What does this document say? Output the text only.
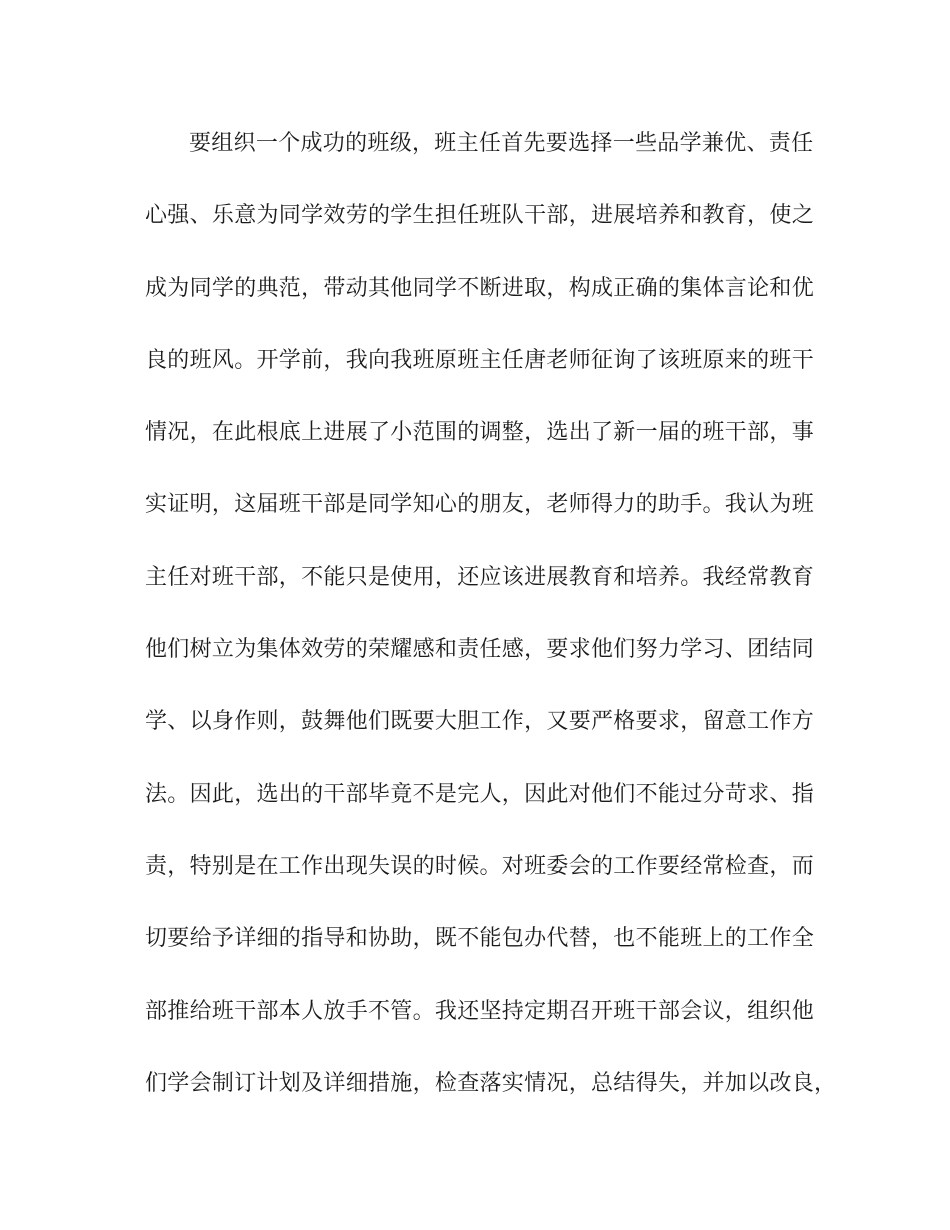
要组织一个成功的班级，班主任首先要选择一些品学兼优、责任
心强、乐意为同学效劳的学生担任班队干部，进展培养和教育，使之
成为同学的典范，带动其他同学不断进取，构成正确的集体言论和优
良的班风。开学前，我向我班原班主任唐老师征询了该班原来的班干
情况，在此根底上进展了小范围的调整，选出了新一届的班干部，事
实证明，这届班干部是同学知心的朋友，老师得力的助手。我认为班
主任对班干部，不能只是使用，还应该进展教育和培养。我经常教育
他们树立为集体效劳的荣耀感和责任感，要求他们努力学习、团结同
学、以身作则，鼓舞他们既要大胆工作，又要严格要求，留意工作方
法。因此，选出的干部毕竟不是完人，因此对他们不能过分苛求、指
责，特别是在工作出现失误的时候。对班委会的工作要经常检查，而
切要给予详细的指导和协助，既不能包办代替，也不能班上的工作全
部推给班干部本人放手不管。我还坚持定期召开班干部会议，组织他
们学会制订计划及详细措施，检查落实情况，总结得失，并加以改良，
